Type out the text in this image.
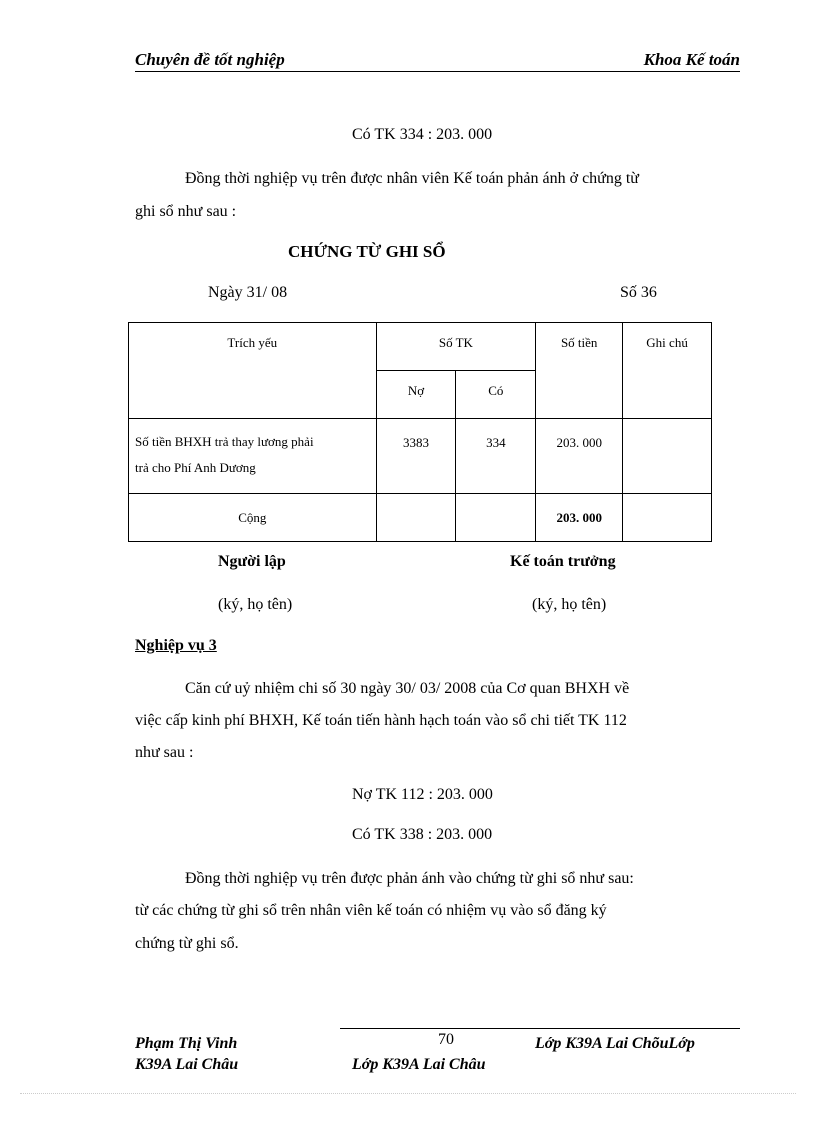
Chuyên đề tốt nghiệp	Khoa Kế toán
Có TK 334 : 203. 000
Đồng thời nghiệp vụ trên được nhân viên Kế toán phản ánh ở chứng từ
ghi sổ như sau :
CHỨNG TỪ GHI SỔ
Ngày 31/ 08	Số 36
Trích yếu	Số TK		Số tiền	Ghi chú

	Nợ	Có		

Số tiền BHXH trả thay lương phải
trả cho Phí Anh Dương	3383	334	203. 000	

Cộng			203. 000	

Người lập
(ký, họ tên)
Kế toán trưởng
(ký, họ tên)
Nghiệp vụ 3
Căn cứ uỷ nhiệm chi số 30 ngày 30/ 03/ 2008 của Cơ quan BHXH về
việc cấp kinh phí BHXH, Kế toán tiến hành hạch toán vào sổ chi tiết TK 112
như sau :
Nợ TK 112 : 203. 000
Có TK 338 : 203. 000
Đồng thời nghiệp vụ trên được phản ánh vào chứng từ ghi sổ như sau:
từ các chứng từ ghi sổ trên nhân viên kế toán có nhiệm vụ vào sổ đăng ký
chứng từ ghi sổ.
Phạm Thị Vinh
K39A Lai Châu
70	Lớp K39A Lai ChõuLớp
Lớp K39A Lai Châu
